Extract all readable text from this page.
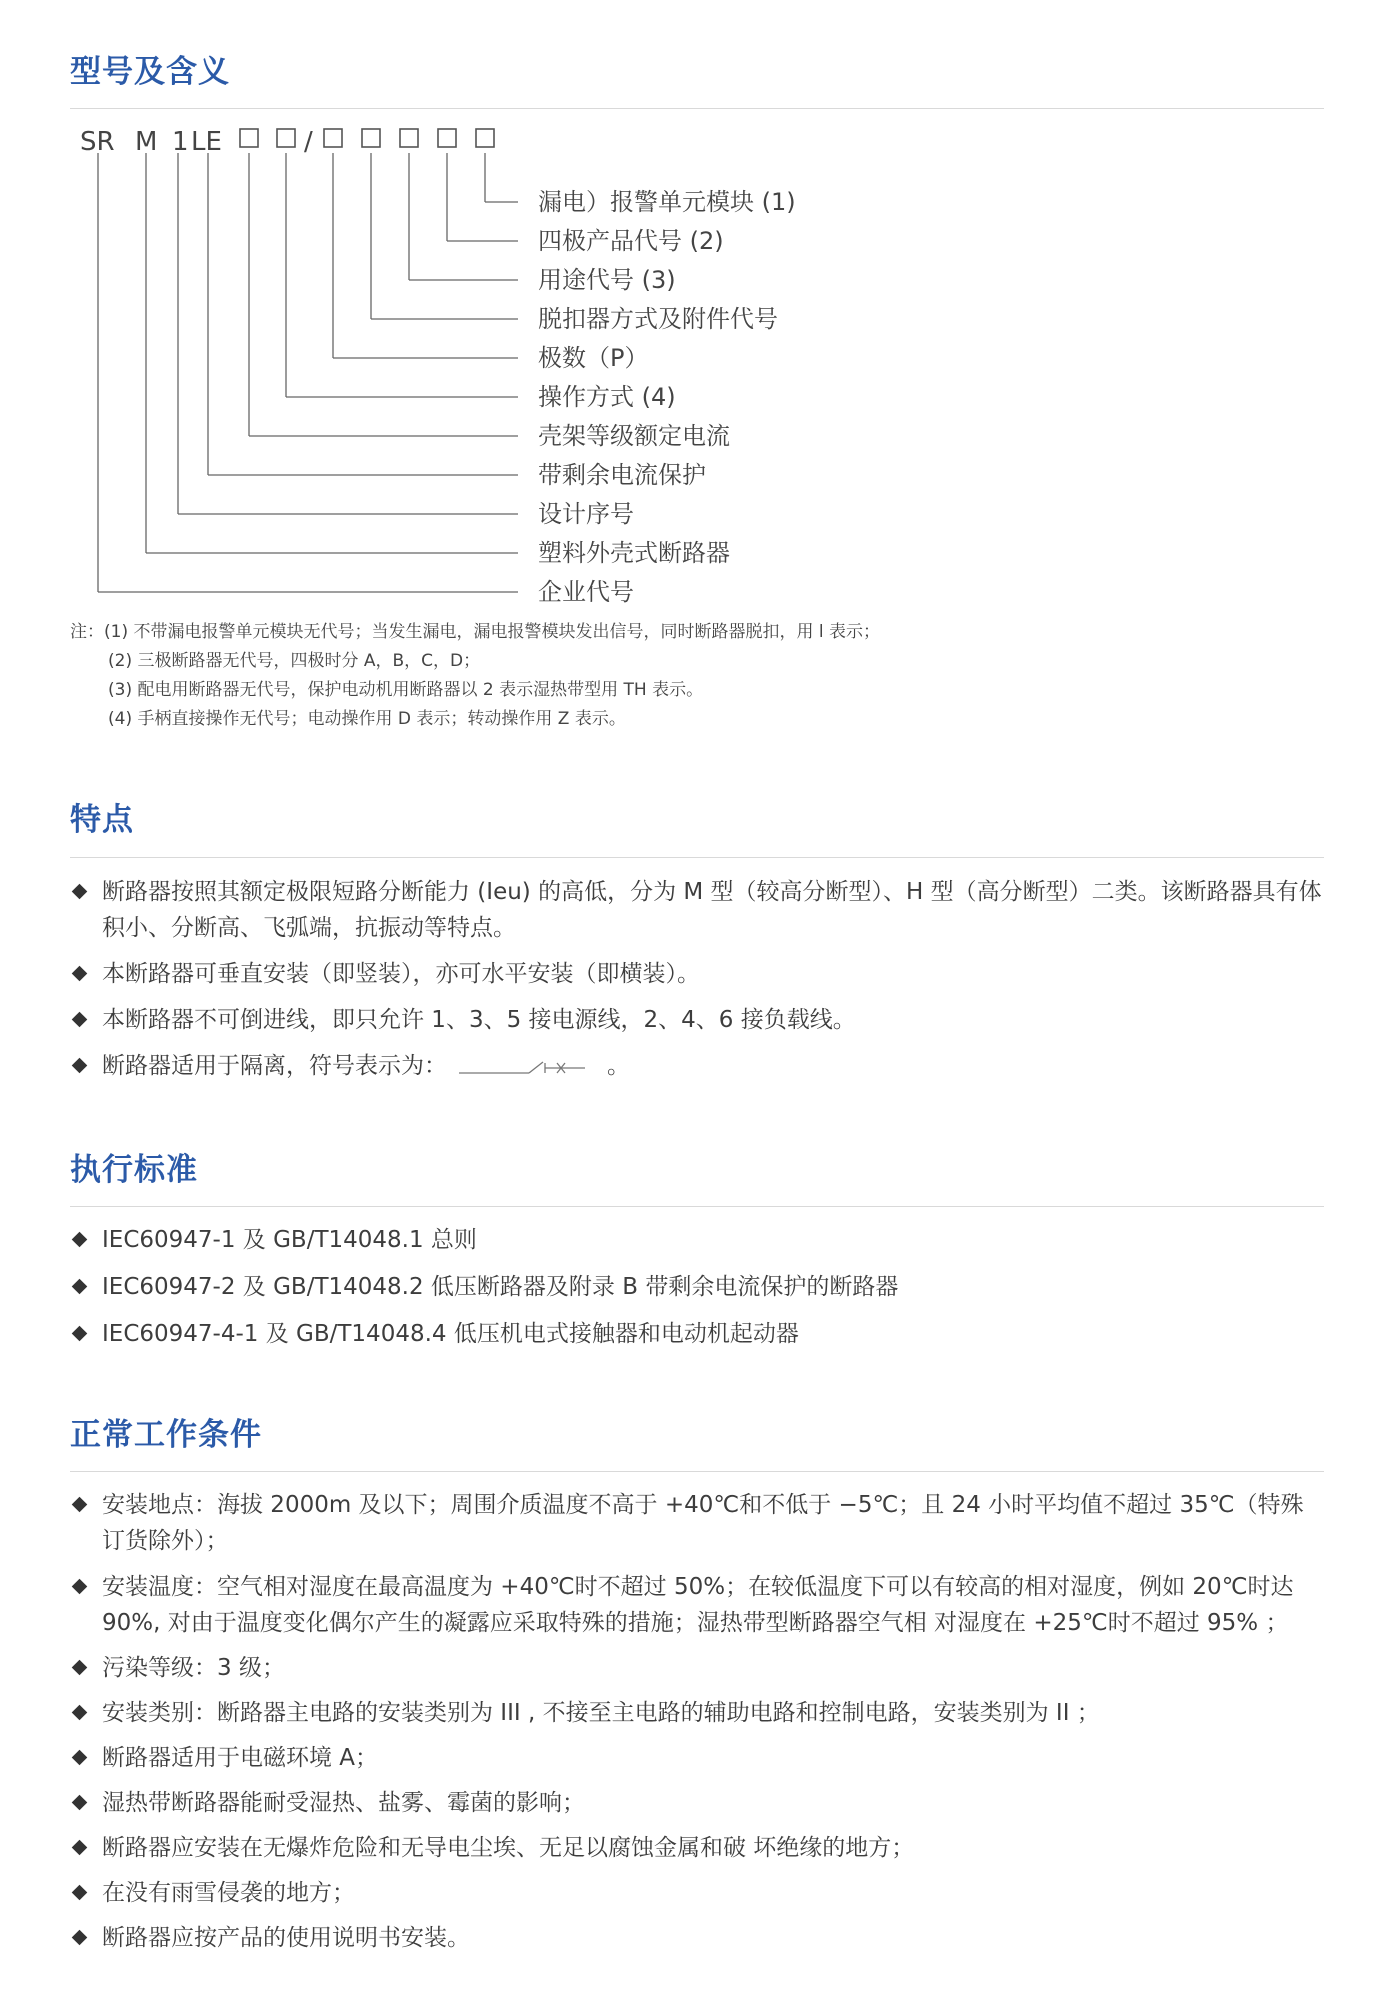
型号及含义
SR M 1 LE	/
漏电）报警单元模块 (1)
四极产品代号 (2)
用途代号 (3)
脱扣器方式及附件代号
极数（P）
操作方式 (4)
壳架等级额定电流
带剩余电流保护
设计序号
塑料外壳式断路器
企业代号
注：(1) 不带漏电报警单元模块无代号；当发生漏电，漏电报警模块发出信号，同时断路器脱扣，用 l 表示；
(2) 三极断路器无代号，四极时分 A，B，C，D；
(3) 配电用断路器无代号，保护电动机用断路器以 2 表示湿热带型用 TH 表示。
(4) 手柄直接操作无代号；电动操作用 D 表示；转动操作用 Z 表示。
特点
断路器按照其额定极限短路分断能力 (Ieu) 的高低，分为 M 型（较高分断型）、H 型（高分断型）二类。该断路器具有体积小、分断高、飞弧端，抗振动等特点。
本断路器可垂直安装（即竖装），亦可水平安装（即横装）。
本断路器不可倒进线，即只允许 1、3、5 接电源线，2、4、6 接负载线。
断路器适用于隔离，符号表示为：	。
执行标准
IEC60947-1 及 GB/T14048.1 总则
IEC60947-2 及 GB/T14048.2 低压断路器及附录 B 带剩余电流保护的断路器
IEC60947-4-1 及 GB/T14048.4 低压机电式接触器和电动机起动器
正常工作条件
安装地点：海拔 2000m 及以下；周围介质温度不高于 +40℃和不低于 −5℃；且 24 小时平均值不超过 35℃（特殊订货除外）；
安装温度：空气相对湿度在最高温度为 +40℃时不超过 50%；在较低温度下可以有较高的相对湿度，例如 20℃时达 90%, 对由于温度变化偶尔产生的凝露应采取特殊的措施；湿热带型断路器空气相 对湿度在 +25℃时不超过 95% ；
污染等级：3 级；
安装类别：断路器主电路的安装类别为 III , 不接至主电路的辅助电路和控制电路，安装类别为 II ；
断路器适用于电磁环境 A；
湿热带断路器能耐受湿热、盐雾、霉菌的影响；
断路器应安装在无爆炸危险和无导电尘埃、无足以腐蚀金属和破 坏绝缘的地方；
在没有雨雪侵袭的地方；
断路器应按产品的使用说明书安装。
